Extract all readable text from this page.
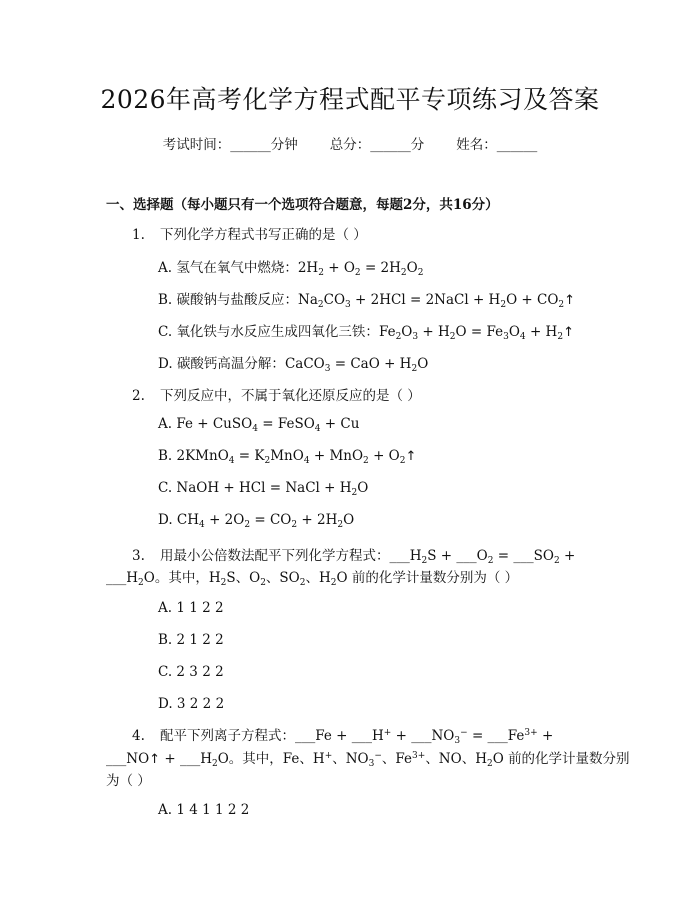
2026年高考化学方程式配平专项练习及答案
考试时间：______分钟 总分：______分 姓名：______
一、选择题（每小题只有一个选项符合题意，每题2分，共16分）
1. 下列化学方程式书写正确的是（ ）
A. 氢气在氧气中燃烧：$2H_2 + O_2 = 2H_2O_2$
B. 碳酸钠与盐酸反应：$Na_2CO_3 + 2HCl$ = 2NaCl + $H_2O$ + $CO_2↑$
C. 氧化铁与水反应生成四氧化三铁：$Fe_2O_3 + H_2O = Fe_3O_4$ + $H_2↑$
D. 碳酸钙高温分解：CaCO$_3$ = CaO + $H_2O$
2. 下列反应中，不属于氧化还原反应的是（ ）
A. Fe + CuSO$_4$ = FeSO$_4$ + Cu
B. 2KMnO$_4$ = $K_2MnO_4 + MnO_2$ + $O_2↑$
C. NaOH + HCl = NaCl + $H_2O$
D. $CH_4 + 2O_2 = CO_2 + 2H_2O$
3. 用最小公倍数法配平下列化学方程式：$\_\_\_H_2S$ + $\_\_\_O_2$ = $\_\_\_SO_2$ +
$\_\_\_H_2O$。其中，$H_2S$、$O_2$、$SO_2$、$H_2O$ 前的化学计量数分别为（ ）
A. 1 1 2 2
B. 2 1 2 2
C. 2 3 2 2
D. 3 2 2 2
4. 配平下列离子方程式：___Fe + ___H+ + $\_\_\_NO_3^-$ = $\_\_\_Fe^{3+}$ +
___NO↑ + $\_\_\_H_2O$。其中，Fe、H+、$NO_3^-$、$Fe^{3+}$、NO、$H_2O$ 前的化学计量数分别
为（ ）
A. 1 4 1 1 2 2
